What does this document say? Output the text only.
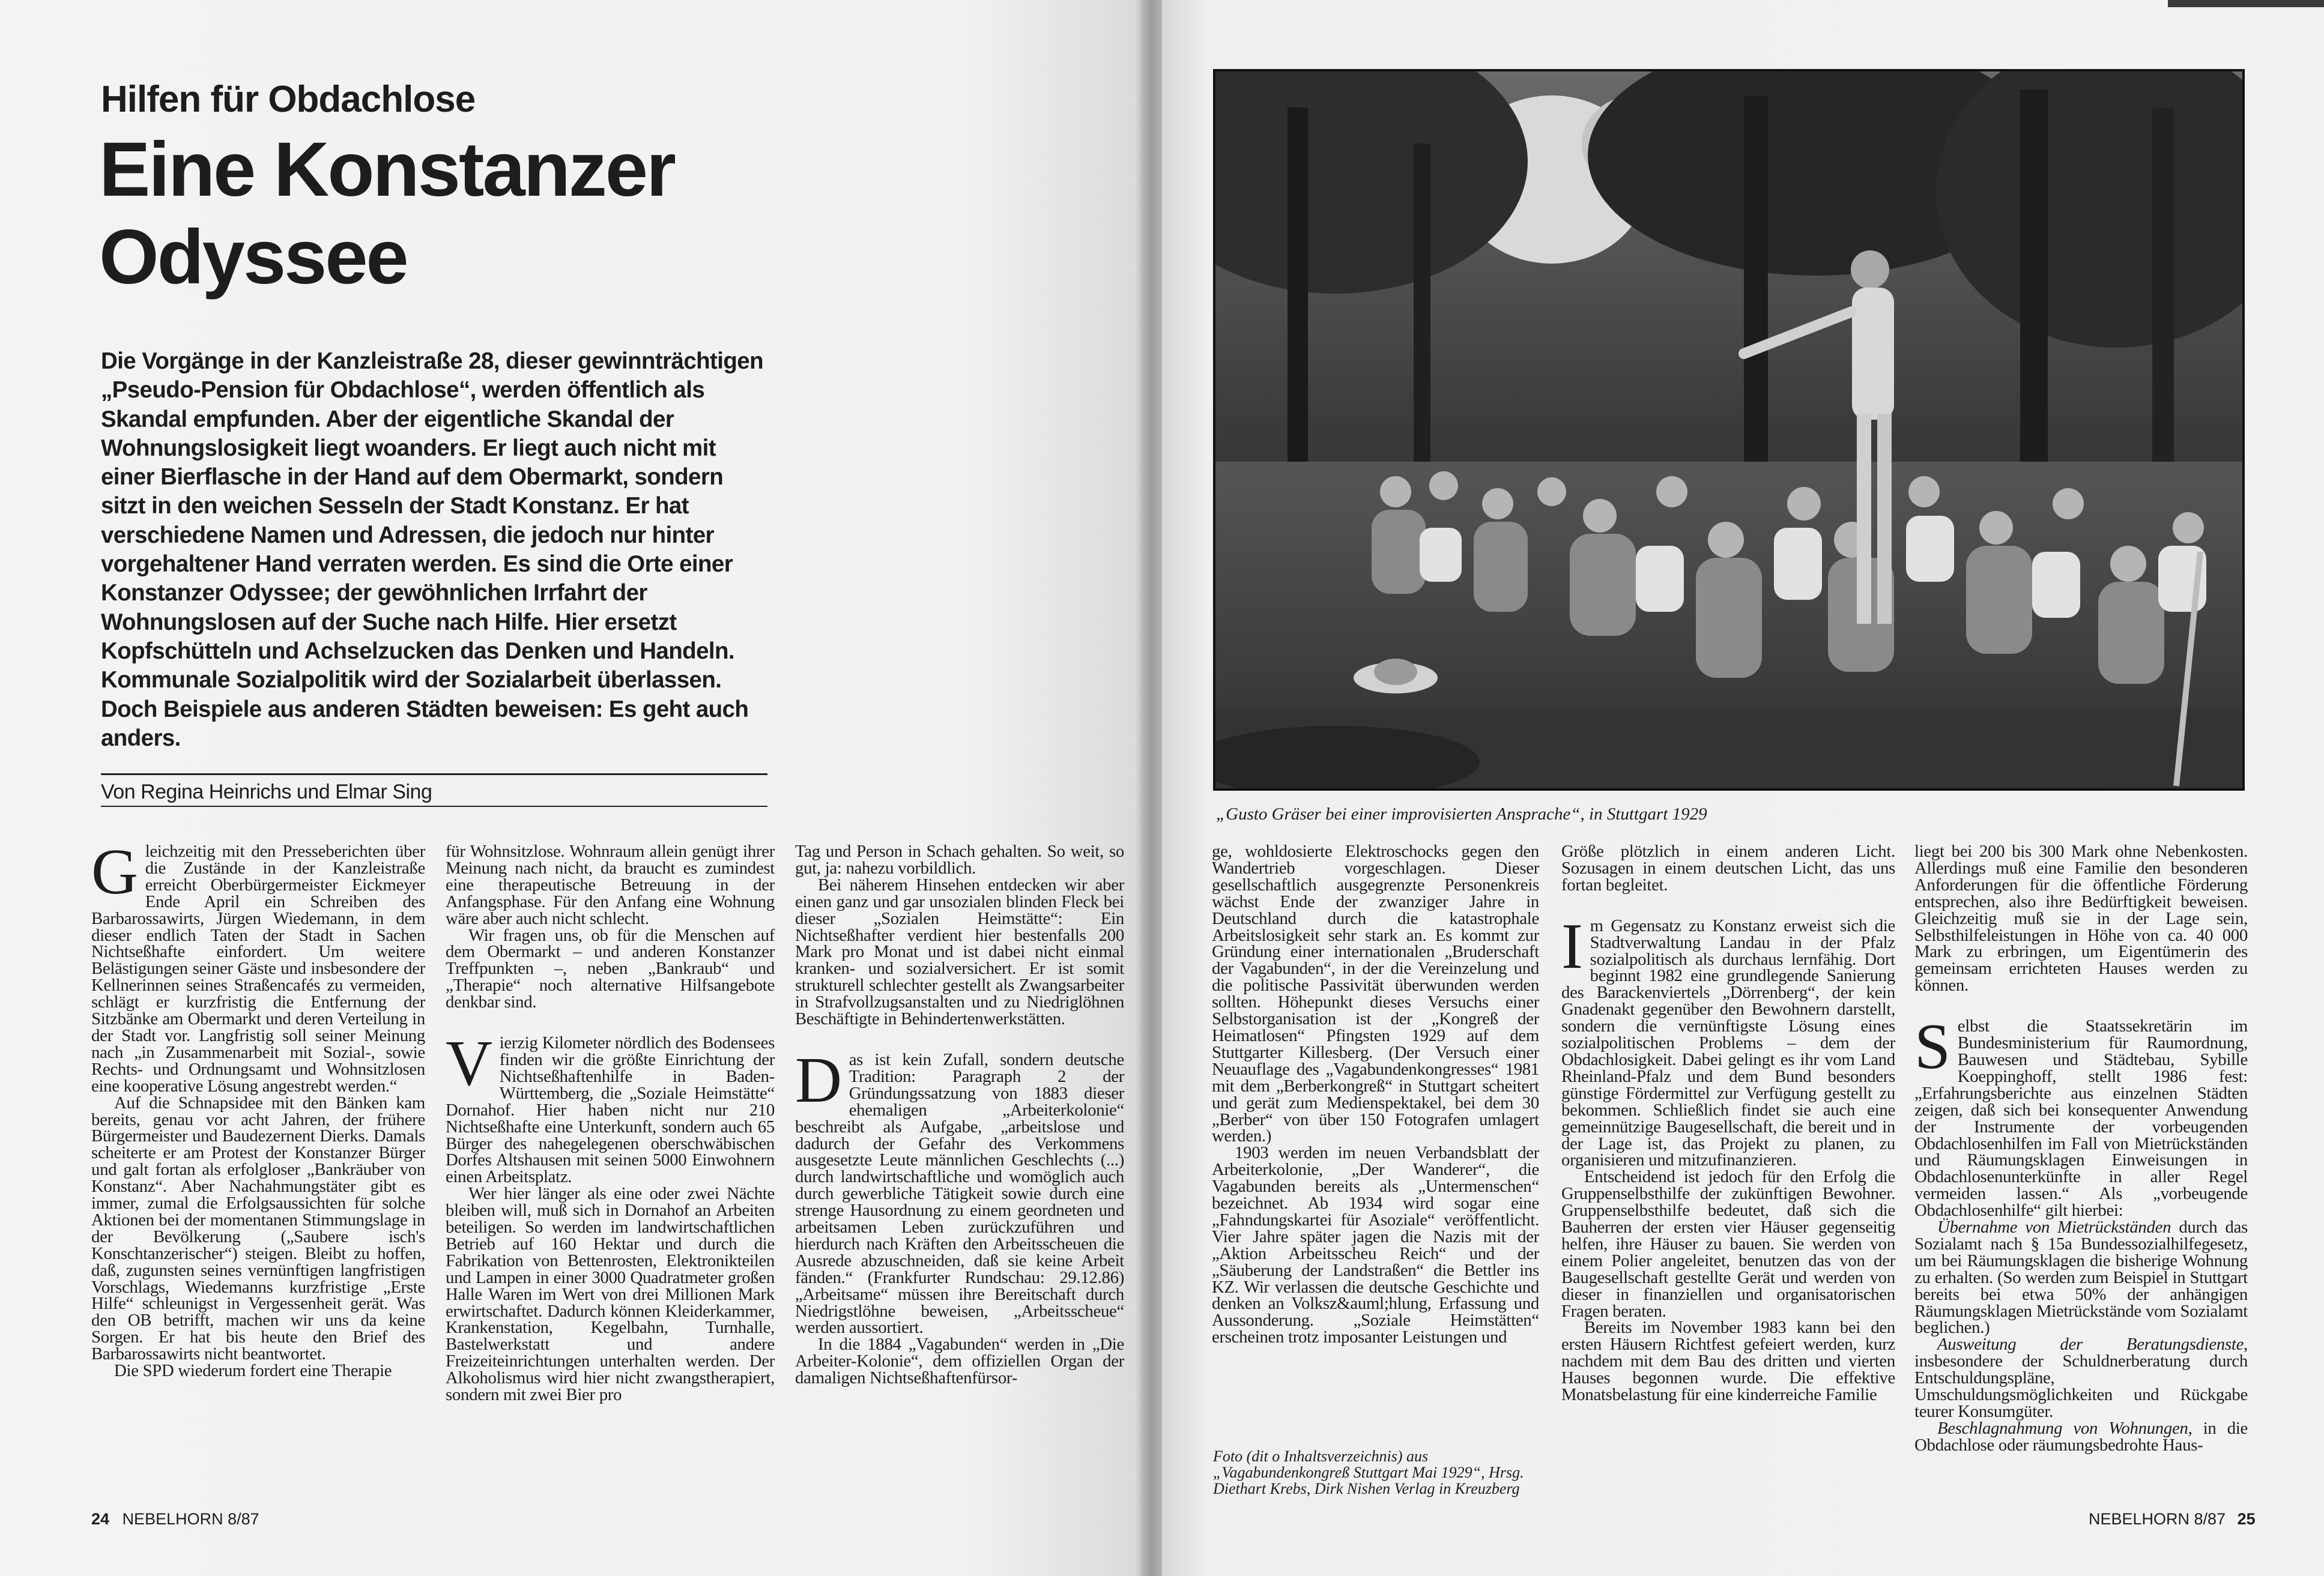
Hilfen für Obdachlose
Eine Konstanzer Odyssee

Die Vorgänge in der Kanzleistraße 28, dieser gewinnträchtigen „Pseudo-Pension für Obdachlose“, werden öffentlich als Skandal empfunden. Aber der eigentliche Skandal der Wohnungslosigkeit liegt woanders. Er liegt auch nicht mit einer Bierflasche in der Hand auf dem Obermarkt, sondern sitzt in den weichen Sesseln der Stadt Konstanz. Er hat verschiedene Namen und Adressen, die jedoch nur hinter vorgehaltener Hand verraten werden. Es sind die Orte einer Konstanzer Odyssee; der gewöhnlichen Irrfahrt der Wohnungslosen auf der Suche nach Hilfe. Hier ersetzt Kopfschütteln und Achselzucken das Denken und Handeln. Kommunale Sozialpolitik wird der Sozialarbeit überlassen. Doch Beispiele aus anderen Städten beweisen: Es geht auch anders.

Von Regina Heinrichs und Elmar Sing

Gleichzeitig mit den Presseberichten über die Zustände in der Kanzleistraße erreicht Oberbürgermeister Eickmeyer Ende April ein Schreiben des Barbarossawirts, Jürgen Wiedemann, in dem dieser endlich Taten der Stadt in Sachen Nichtseßhafte einfordert. Um weitere Belästigungen seiner Gäste und insbesondere der Kellnerinnen seines Straßencafés zu vermeiden, schlägt er kurzfristig die Entfernung der Sitzbänke am Obermarkt und deren Verteilung in der Stadt vor. Langfristig soll seiner Meinung nach „in Zusammenarbeit mit Sozial-, sowie Rechts- und Ordnungsamt und Wohnsitzlosen eine kooperative Lösung angestrebt werden.“

Auf die Schnapsidee mit den Bänken kam bereits, genau vor acht Jahren, der frühere Bürgermeister und Baudezernent Dierks. Damals scheiterte er am Protest der Konstanzer Bürger und galt fortan als erfolgloser „Bankräuber von Konstanz“. Aber Nachahmungstäter gibt es immer, zumal die Erfolgsaussichten für solche Aktionen bei der momentanen Stimmungslage in der Bevölkerung („Saubere isch's Konschtanzerischer“) steigen. Bleibt zu hoffen, daß, zugunsten seines vernünftigen langfristigen Vorschlags, Wiedemanns kurzfristige „Erste Hilfe“ schleunigst in Vergessenheit gerät. Was den OB betrifft, machen wir uns da keine Sorgen. Er hat bis heute den Brief des Barbarossawirts nicht beantwortet.

Die SPD wiederum fordert eine Therapie

für Wohnsitzlose. Wohnraum allein genügt ihrer Meinung nach nicht, da braucht es zumindest eine therapeutische Betreuung in der Anfangsphase. Für den Anfang eine Wohnung wäre aber auch nicht schlecht.

Wir fragen uns, ob für die Menschen auf dem Obermarkt – und anderen Konstanzer Treffpunkten –, neben „Bankraub“ und „Therapie“ noch alternative Hilfsangebote denkbar sind.

Vierzig Kilometer nördlich des Bodensees finden wir die größte Einrichtung der Nichtseßhaftenhilfe in Baden-Württemberg, die „Soziale Heimstätte“ Dornahof. Hier haben nicht nur 210 Nichtseßhafte eine Unterkunft, sondern auch 65 Bürger des nahegelegenen oberschwäbischen Dorfes Altshausen mit seinen 5000 Einwohnern einen Arbeitsplatz.

Wer hier länger als eine oder zwei Nächte bleiben will, muß sich in Dornahof an Arbeiten beteiligen. So werden im landwirtschaftlichen Betrieb auf 160 Hektar und durch die Fabrikation von Bettenrosten, Elektronikteilen und Lampen in einer 3000 Quadratmeter großen Halle Waren im Wert von drei Millionen Mark erwirtschaftet. Dadurch können Kleiderkammer, Krankenstation, Kegelbahn, Turnhalle, Bastelwerkstatt und andere Freizeiteinrichtungen unterhalten werden. Der Alkoholismus wird hier nicht zwangstherapiert, sondern mit zwei Bier pro

Tag und Person in Schach gehalten. So weit, so gut, ja: nahezu vorbildlich.

Bei näherem Hinsehen entdecken wir aber einen ganz und gar unsozialen blinden Fleck bei dieser „Sozialen Heimstätte“: Ein Nichtseßhafter verdient hier bestenfalls 200 Mark pro Monat und ist dabei nicht einmal kranken- und sozialversichert. Er ist somit strukturell schlechter gestellt als Zwangsarbeiter in Strafvollzugsanstalten und zu Niedriglöhnen Beschäftigte in Behindertenwerkstätten.

Das ist kein Zufall, sondern deutsche Tradition: Paragraph 2 der Gründungssatzung von 1883 dieser ehemaligen „Arbeiterkolonie“ beschreibt als Aufgabe, „arbeitslose und dadurch der Gefahr des Verkommens ausgesetzte Leute männlichen Geschlechts (...) durch landwirtschaftliche und womöglich auch durch gewerbliche Tätigkeit sowie durch eine strenge Hausordnung zu einem geordneten und arbeitsamen Leben zurückzuführen und hierdurch nach Kräften den Arbeitsscheuen die Ausrede abzuschneiden, daß sie keine Arbeit fänden.“ (Frankfurter Rundschau: 29.12.86) „Arbeitsame“ müssen ihre Bereitschaft durch Niedrigstlöhne beweisen, „Arbeitsscheue“ werden aussortiert.

In die 1884 „Vagabunden“ werden in „Die Arbeiter-Kolonie“, dem offiziellen Organ der damaligen Nichtseßhaftenfürsor-

24 NEBELHORN 8/87
„Gusto Gräser bei einer improvisierten Ansprache“, in Stuttgart 1929

ge, wohldosierte Elektroschocks gegen den Wandertrieb vorgeschlagen. Dieser gesellschaftlich ausgegrenzte Personenkreis wächst Ende der zwanziger Jahre in Deutschland durch die katastrophale Arbeitslosigkeit sehr stark an. Es kommt zur Gründung einer internationalen „Bruderschaft der Vagabunden“, in der die Vereinzelung und die politische Passivität überwunden werden sollten. Höhepunkt dieses Versuchs einer Selbstorganisation ist der „Kongreß der Heimatlosen“ Pfingsten 1929 auf dem Stuttgarter Killesberg. (Der Versuch einer Neuauflage des „Vagabundenkongresses“ 1981 mit dem „Berberkongreß“ in Stuttgart scheitert und gerät zum Medienspektakel, bei dem 30 „Berber“ von über 150 Fotografen umlagert werden.)

1903 werden im neuen Verbandsblatt der Arbeiterkolonie, „Der Wanderer“, die Vagabunden bereits als „Untermenschen“ bezeichnet. Ab 1934 wird sogar eine „Fahndungskartei für Asoziale“ veröffentlicht. Vier Jahre später jagen die Nazis mit der „Aktion Arbeitsscheu Reich“ und der „Säuberung der Landstraßen“ die Bettler ins KZ. Wir verlassen die deutsche Geschichte und denken an Volksz&auml;hlung, Erfassung und Aussonderung. „Soziale Heimstätten“ erscheinen trotz imposanter Leistungen und

Foto (dit o Inhaltsverzeichnis) aus „Vagabundenkongreß Stuttgart Mai 1929“, Hrsg. Diethart Krebs, Dirk Nishen Verlag in Kreuzberg

Größe plötzlich in einem anderen Licht. Sozusagen in einem deutschen Licht, das uns fortan begleitet.

Im Gegensatz zu Konstanz erweist sich die Stadtverwaltung Landau in der Pfalz sozialpolitisch als durchaus lernfähig. Dort beginnt 1982 eine grundlegende Sanierung des Barackenviertels „Dörrenberg“, der kein Gnadenakt gegenüber den Bewohnern darstellt, sondern die vernünftigste Lösung eines sozialpolitischen Problems – dem der Obdachlosigkeit. Dabei gelingt es ihr vom Land Rheinland-Pfalz und dem Bund besonders günstige Fördermittel zur Verfügung gestellt zu bekommen. Schließlich findet sie auch eine gemeinnützige Baugesellschaft, die bereit und in der Lage ist, das Projekt zu planen, zu organisieren und mitzufinanzieren.

Entscheidend ist jedoch für den Erfolg die Gruppenselbsthilfe der zukünftigen Bewohner. Gruppenselbsthilfe bedeutet, daß sich die Bauherren der ersten vier Häuser gegenseitig helfen, ihre Häuser zu bauen. Sie werden von einem Polier angeleitet, benutzen das von der Baugesellschaft gestellte Gerät und werden von dieser in finanziellen und organisatorischen Fragen beraten.

Bereits im November 1983 kann bei den ersten Häusern Richtfest gefeiert werden, kurz nachdem mit dem Bau des dritten und vierten Hauses begonnen wurde. Die effektive Monatsbelastung für eine kinderreiche Familie

liegt bei 200 bis 300 Mark ohne Nebenkosten. Allerdings muß eine Familie den besonderen Anforderungen für die öffentliche Förderung entsprechen, also ihre Bedürftigkeit beweisen. Gleichzeitig muß sie in der Lage sein, Selbsthilfeleistungen in Höhe von ca. 40 000 Mark zu erbringen, um Eigentümerin des gemeinsam errichteten Hauses werden zu können.

Selbst die Staatssekretärin im Bundesministerium für Raumordnung, Bauwesen und Städtebau, Sybille Koeppinghoff, stellt 1986 fest: „Erfahrungsberichte aus einzelnen Städten zeigen, daß sich bei konsequenter Anwendung der Instrumente der vorbeugenden Obdachlosenhilfen im Fall von Mietrückständen und Räumungsklagen Einweisungen in Obdachlosenunterkünfte in aller Regel vermeiden lassen.“ Als „vorbeugende Obdachlosenhilfe“ gilt hierbei:

Übernahme von Mietrückständen durch das Sozialamt nach § 15a Bundessozialhilfegesetz, um bei Räumungsklagen die bisherige Wohnung zu erhalten. (So werden zum Beispiel in Stuttgart bereits bei etwa 50% der anhängigen Räumungsklagen Mietrückstände vom Sozialamt beglichen.)

Ausweitung der Beratungsdienste, insbesondere der Schuldnerberatung durch Entschuldungspläne, Umschuldungsmöglichkeiten und Rückgabe teurer Konsumgüter.

Beschlagnahmung von Wohnungen, in die Obdachlose oder räumungsbedrohte Haus-

NEBELHORN 8/87 25
